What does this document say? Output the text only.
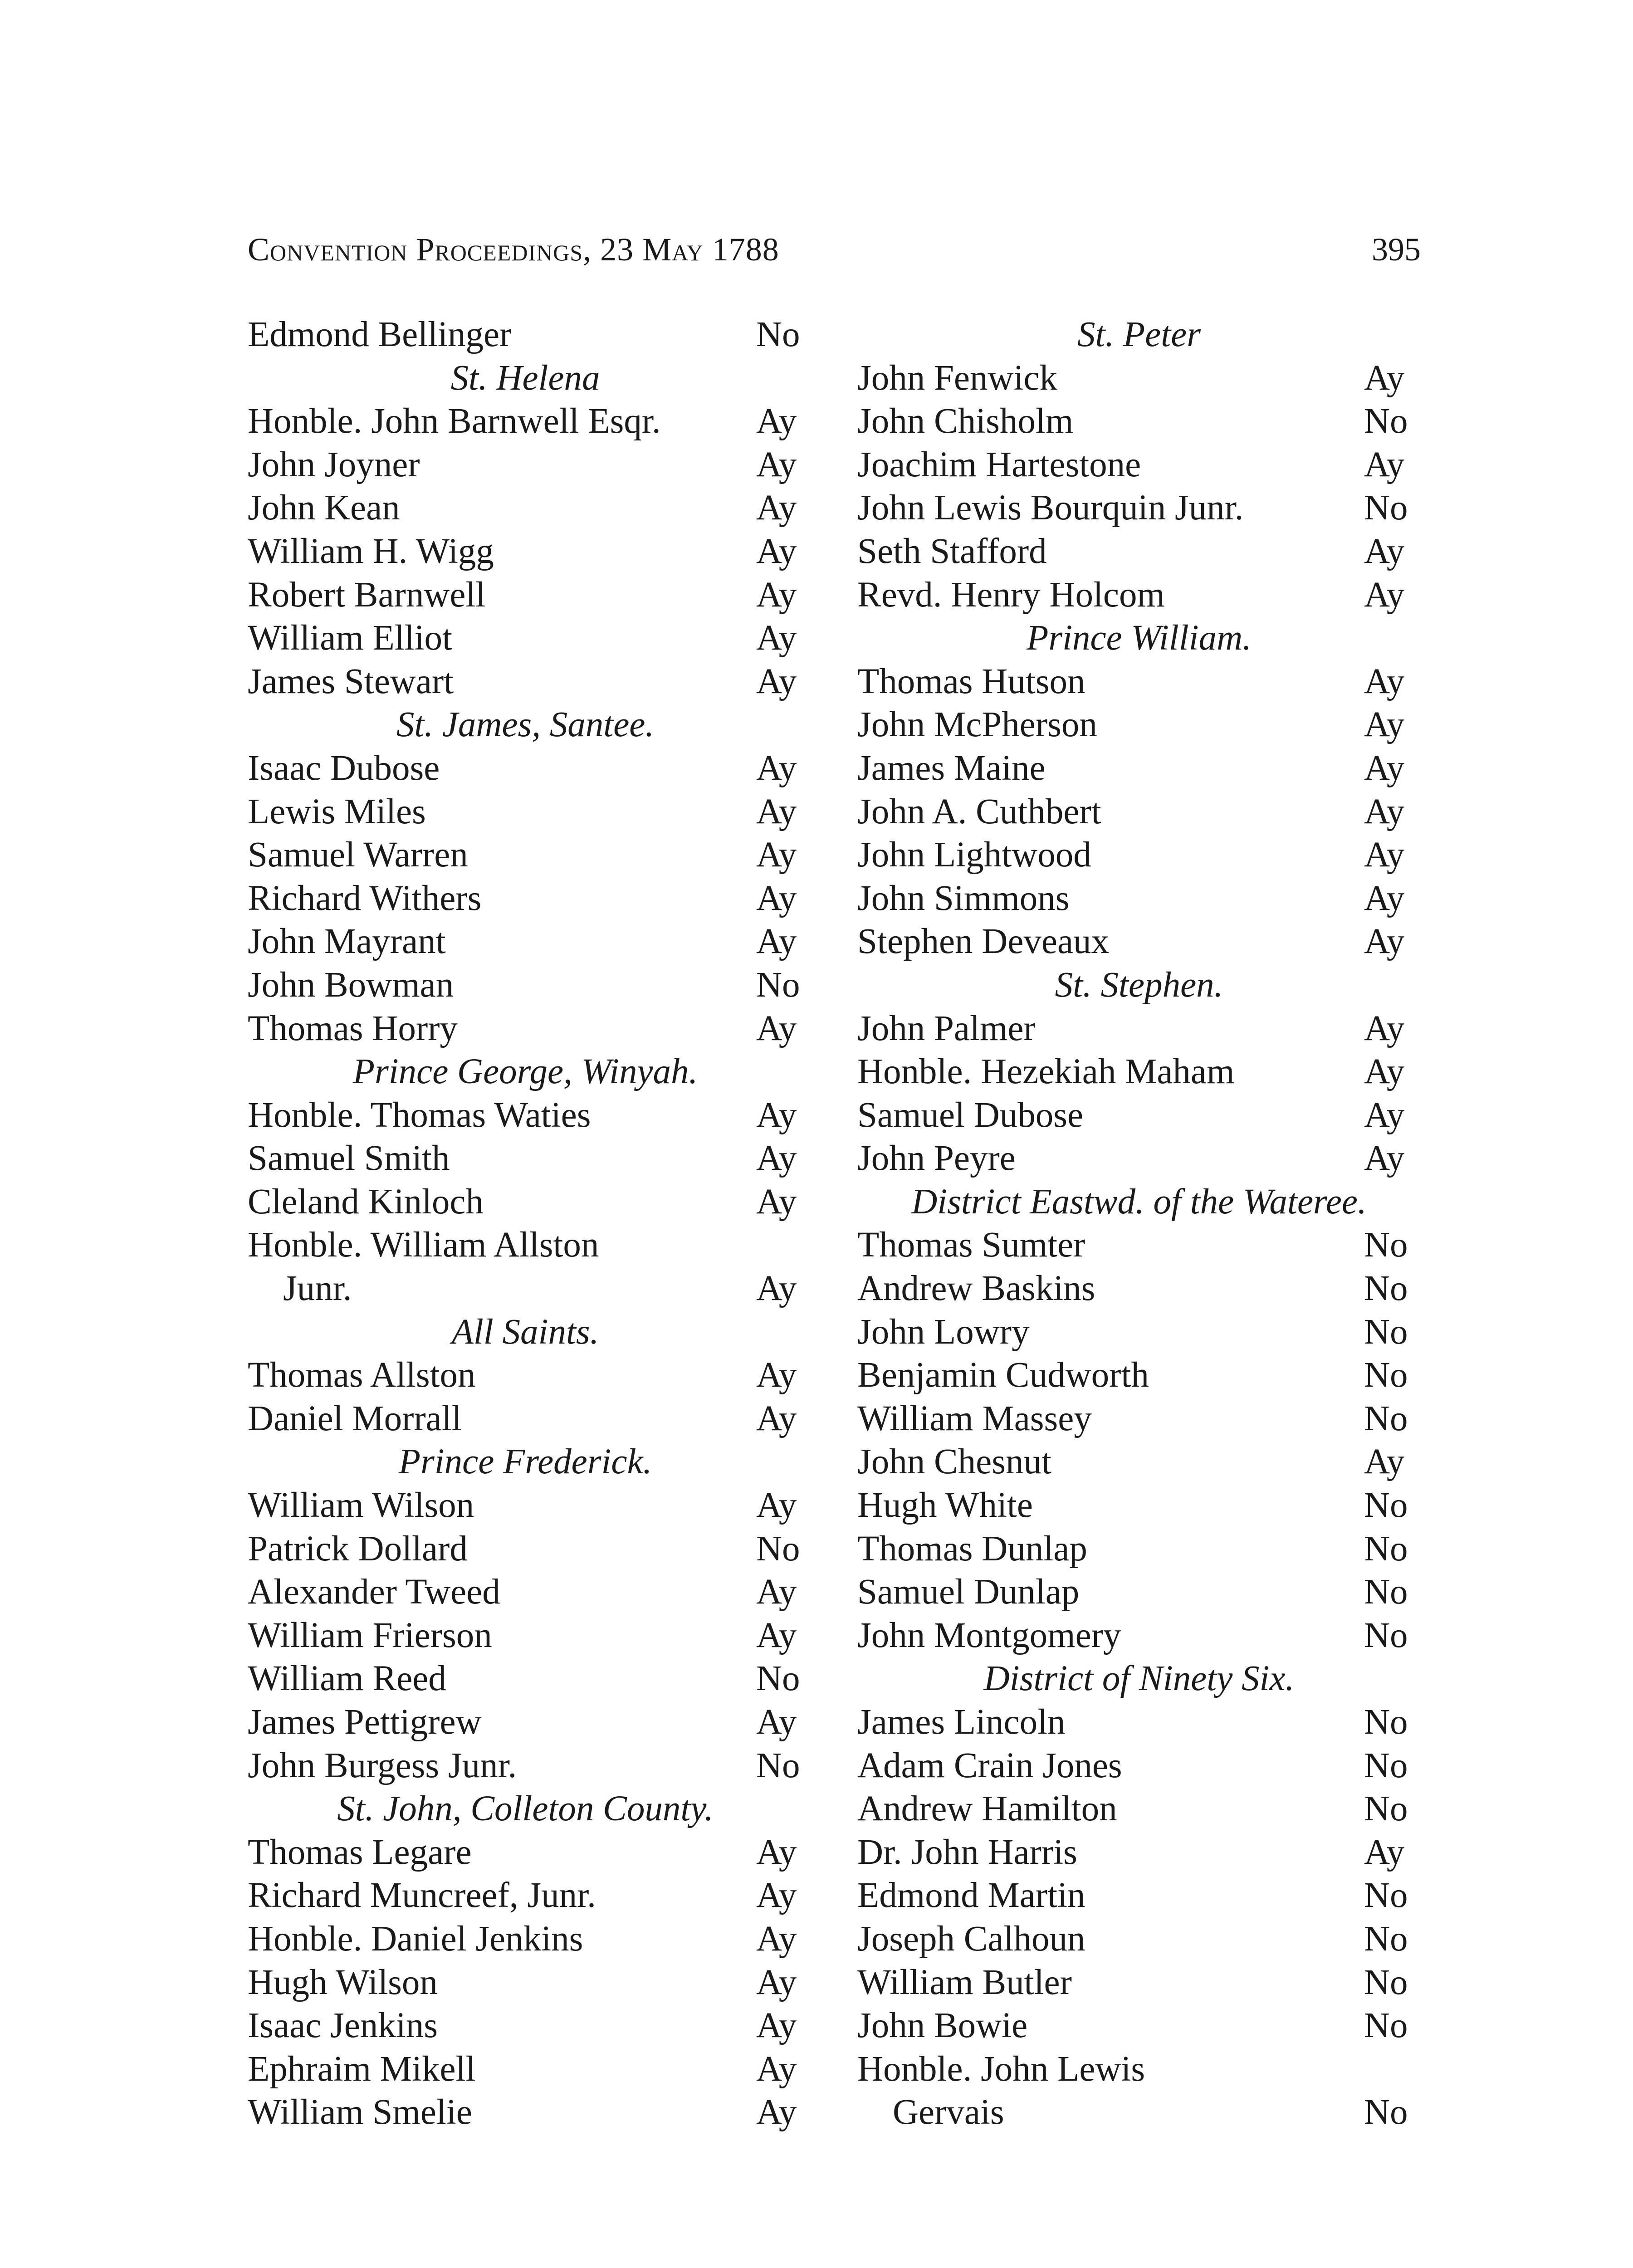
Convention Proceedings, 23 May 1788	395
Edmond Bellinger	No
St. Helena
Honble. John Barnwell Esqr.	Ay
John Joyner	Ay
John Kean	Ay
William H. Wigg	Ay
Robert Barnwell	Ay
William Elliot	Ay
James Stewart	Ay
St. James, Santee.
Isaac Dubose	Ay
Lewis Miles	Ay
Samuel Warren	Ay
Richard Withers	Ay
John Mayrant	Ay
John Bowman	No
Thomas Horry	Ay
Prince George, Winyah.
Honble. Thomas Waties	Ay
Samuel Smith	Ay
Cleland Kinloch	Ay
Honble. William Allston
Junr.	Ay
All Saints.
Thomas Allston	Ay
Daniel Morrall	Ay
Prince Frederick.
William Wilson	Ay
Patrick Dollard	No
Alexander Tweed	Ay
William Frierson	Ay
William Reed	No
James Pettigrew	Ay
John Burgess Junr.	No
St. John, Colleton County.
Thomas Legare	Ay
Richard Muncreef, Junr.	Ay
Honble. Daniel Jenkins	Ay
Hugh Wilson	Ay
Isaac Jenkins	Ay
Ephraim Mikell	Ay
William Smelie	Ay
St. Peter
John Fenwick	Ay
John Chisholm	No
Joachim Hartestone	Ay
John Lewis Bourquin Junr.	No
Seth Stafford	Ay
Revd. Henry Holcom	Ay
Prince William.
Thomas Hutson	Ay
John McPherson	Ay
James Maine	Ay
John A. Cuthbert	Ay
John Lightwood	Ay
John Simmons	Ay
Stephen Deveaux	Ay
St. Stephen.
John Palmer	Ay
Honble. Hezekiah Maham	Ay
Samuel Dubose	Ay
John Peyre	Ay
District Eastwd. of the Wateree.
Thomas Sumter	No
Andrew Baskins	No
John Lowry	No
Benjamin Cudworth	No
William Massey	No
John Chesnut	Ay
Hugh White	No
Thomas Dunlap	No
Samuel Dunlap	No
John Montgomery	No
District of Ninety Six.
James Lincoln	No
Adam Crain Jones	No
Andrew Hamilton	No
Dr. John Harris	Ay
Edmond Martin	No
Joseph Calhoun	No
William Butler	No
John Bowie	No
Honble. John Lewis
Gervais	No
